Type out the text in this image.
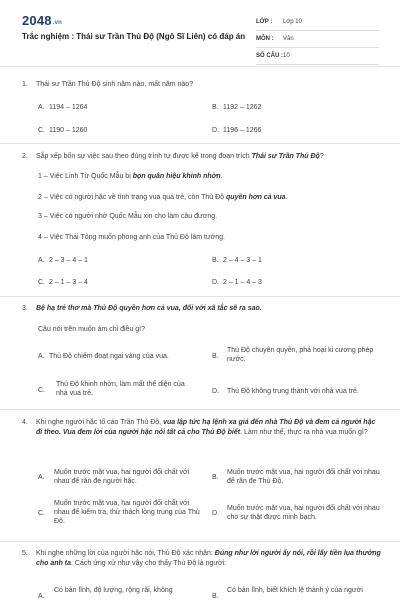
2048.vn
Trắc nghiệm : Thái sư Trần Thủ Độ (Ngô Sĩ Liên) có đáp án
LỚP :	Lớp 10
MÔN :	Văn
SỐ CÂU : 10
1. Thái sư Trần Thủ Độ sinh năm nào, mất năm nào?
A. 1194 – 1264	B. 1192 – 1262
C. 1190 – 1260	D. 1196 – 1266
2. Sắp xếp bốn sự việc sau theo đúng trình tự được kể trong đoạn trích Thái sư Trần Thủ Độ?
1 – Việc Linh Từ Quốc Mẫu bị bọn quân hiệu khinh nhờn.
2 – Việc có người hặc về tình trạng vua quá trẻ, còn Thủ Độ quyền hơn cả vua.
3 – Việc có người nhờ Quốc Mẫu xin cho làm câu đương.
4 – Việc Thái Tông muốn phong anh của Thủ Độ làm tướng.
A. 2 – 3 – 4 – 1	B. 2 – 4 – 3 – 1
C. 2 – 1 – 3 – 4	D. 2 – 1 – 4 – 3
3. Bệ hạ trẻ thơ mà Thủ Độ quyền hơn cả vua, đối với xã tắc sẽ ra sao.
Câu nói trên muốn ám chỉ điều gì?
A. Thủ Độ chiếm đoạt ngai vàng của vua.	B.
Thủ Độ chuyên quyền, phá hoại kỉ cương phép nước.
C.
Thủ Độ khinh nhờn, làm mất thể diện của nhà vua trẻ.	D. Thủ Độ không trung thành với nhà vua trẻ.
4. Khi nghe người hặc tố cáo Trần Thủ Độ, vua lập tức hạ lệnh xa giá đến nhà Thủ Độ và đem cả người hặc đi theo. Vua đem lời của người hặc nói tất cả cho Thủ Độ biết. Làm như thế, thực ra nhà vua muốn gì?
A.
Muốn trước mặt vua, hai người đối chất với nhau để răn đe người hặc.
B.
Muốn trước mặt vua, hai người đối chất với nhau để răn đe Thủ Độ.
C.
Muốn trước mặt vua, hai người đối chất với nhau để kiểm tra, thử thách lòng trung của Thủ Độ.
D.
Muốn trước mặt vua, hai người đối chất với nhau cho sự thật được minh bạch.
5. Khi nghe những lời của người hặc nói, Thủ Độ xác nhận: Đúng như lời người ấy nói, rồi lấy tiền lụa thưởng cho anh ta. Cách ứng xử như vậy cho thấy Thủ Độ là người:
A.
Có bản lĩnh, độ lượng, rộng rãi, không
B.
Có bản lĩnh, biết khích lệ thành ý của người
